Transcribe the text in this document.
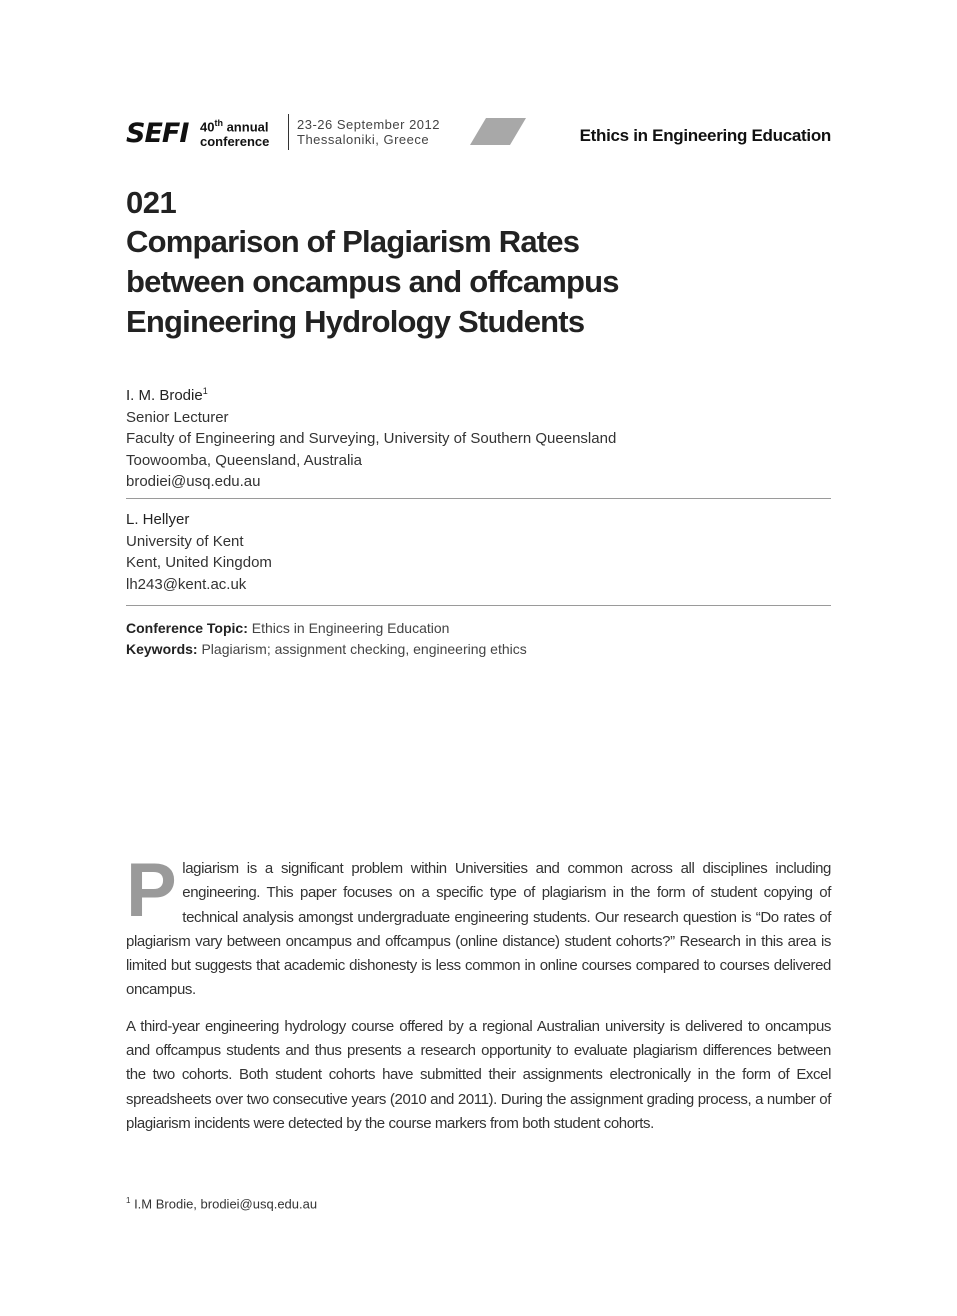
SEFI 40th annual
conference
23-26 September 2012
Thessaloniki, Greece	Ethics in Engineering Education
021
Comparison of Plagiarism Rates
between oncampus and offcampus
Engineering Hydrology Students
I. M. Brodie$^1$
Senior Lecturer
Faculty of Engineering and Surveying, University of Southern Queensland
Toowoomba, Queensland, Australia
brodiei@usq.edu.au
L. Hellyer
University of Kent
Kent, United Kingdom
lh243@kent.ac.uk
Conference Topic: Ethics in Engineering Education
Keywords: Plagiarism; assignment checking, engineering ethics

Plagiarism is a significant problem within Universities and common across all disciplines including engineering. This paper focuses on a specific type of plagiarism in the form of student copying of technical analysis amongst undergraduate engineering students. Our research question is “Do rates of plagiarism vary between oncampus and offcampus (online distance) student cohorts?” Research in this area is limited but suggests that academic dishonesty is less common in online courses compared to courses delivered oncampus.

A third-year engineering hydrology course offered by a regional Australian university is delivered to oncampus and offcampus students and thus presents a research opportunity to evaluate plagiarism differences between the two cohorts. Both student cohorts have submitted their assignments electronically in the form of Excel spreadsheets over two consecutive years (2010 and 2011). During the assignment grading process, a number of plagiarism incidents were detected by the course markers from both student cohorts.

$^1$ I.M Brodie, brodiei@usq.edu.au
